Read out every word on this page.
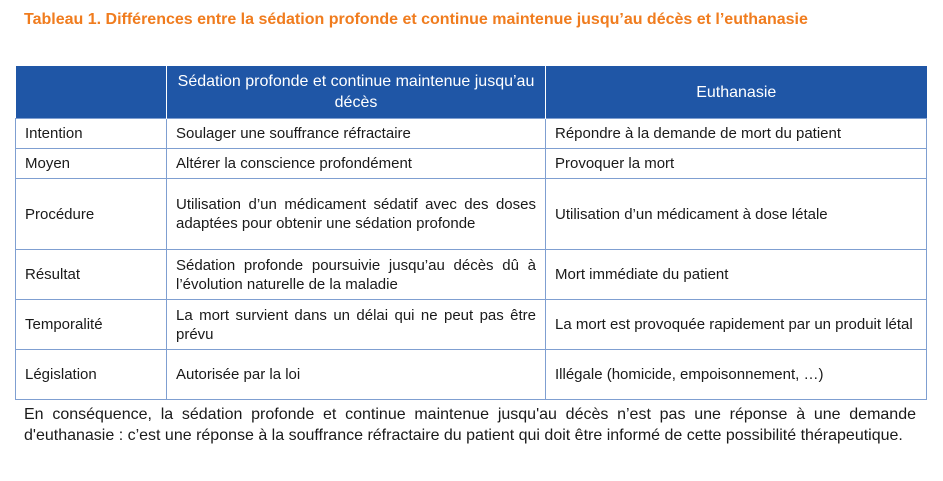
Tableau 1. Différences entre la sédation profonde et continue maintenue jusqu’au décès et l’euthanasie
	Sédation profonde et continue maintenue jusqu’au décès	Euthanasie
Intention	Soulager une souffrance réfractaire	Répondre à la demande de mort du patient
Moyen	Altérer la conscience profondément	Provoquer la mort
Procédure	Utilisation d’un médicament sédatif avec des doses adaptées pour obtenir une sédation profonde	Utilisation d’un médicament à dose létale
Résultat	Sédation profonde poursuivie jusqu’au décès dû à l’évolution naturelle de la maladie	Mort immédiate du patient
Temporalité	La mort survient dans un délai qui ne peut pas être prévu	La mort est provoquée rapidement par un produit létal
Législation	Autorisée par la loi	Illégale (homicide, empoisonnement, …)
En conséquence, la sédation profonde et continue maintenue jusqu'au décès n’est pas une réponse à une demande d'euthanasie : c’est une réponse à la souffrance réfractaire du patient qui doit être informé de cette possibilité thérapeutique.
